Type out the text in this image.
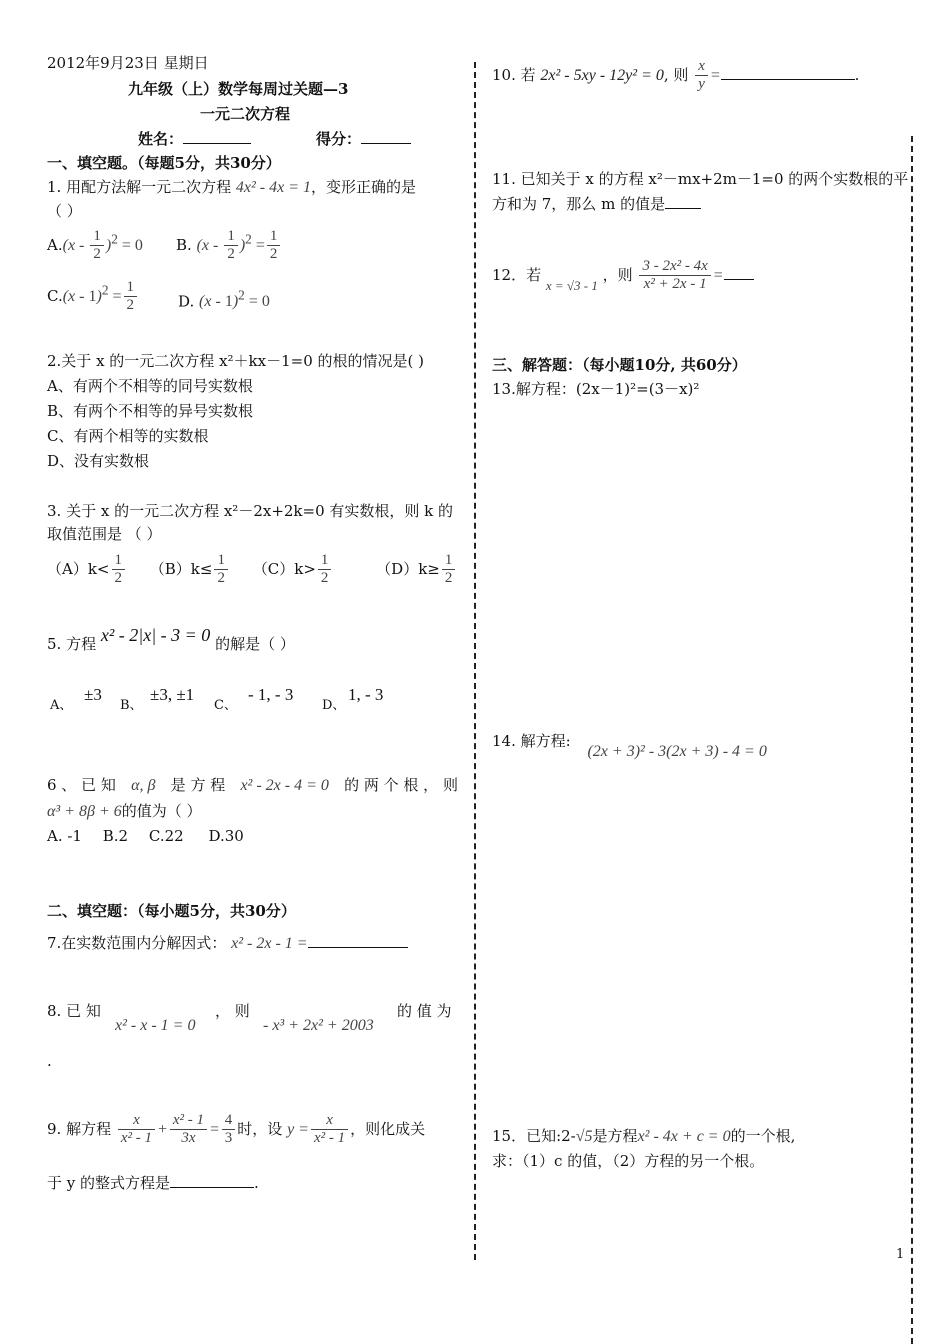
2012年9月23日 星期日
九年级（上）数学每周过关题—3
一元二次方程
姓名：	得分：
一、填空题。（每题5分，共30分）
1. 用配方法解一元二次方程 4x² - 4x = 1，变形正确的是
（ ）
$A.(x - \frac{1}{2} )^2 = 0$ B. $(x - \frac{1}{2} )^2 = \frac{1}{2}$
$C.(x - 1)^2 = \frac{1}{2}$	D. (x - 1)$^2$ = 0
2.关于 x 的一元二次方程 x²＋kx－1=0 的根的情况是( )
A、有两个不相等的同号实数根
B、有两个不相等的异号实数根
C、有两个相等的实数根
D、没有实数根
3. 关于 x 的一元二次方程 x²－2x+2k=0 有实数根，则 k 的
取值范围是 （ ）
$(A)k< \frac{1}{2} (B)k\le \frac{1}{2} (C)k> \frac{1}{2}$	$(D)k\ge \frac{1}{2}$
5. 方程 x² - 2|x| - 3 = 0 的解是（ ）
A、
±3
B、
±3, ±1
C、
- 1, - 3
D、
1, - 3
6 、 已 知 α, β 是 方 程 x² - 2x - 4 = 0 的 两 个 根 ， 则
α³ + 8β + 6的值为（ ）
A. -1 B.2 C.22 D.30
二、填空题：（每小题5分，共30分）
7.在实数范围内分解因式： x² - 2x - 1 =
8. 已 知
x² - x - 1 = 0
， 则
- x³ + 2x² + 2003
的 值 为
.
9. 解方程 $\frac{x}{\text{x² - 1}} + \frac{\text{x² - 1}}{3x} = \frac{4}{3}$ 时，设 $y = \frac{x}{\text{x² - 1}}$ ，则化成关
于 y 的整式方程是	.
10. 若 2x² - 5xy - 12y² = 0, 则 $\frac{x}{y}$ =	.
11. 已知关于 x 的方程 x²－mx+2m－1=0 的两个实数根的平
方和为 7，那么 m 的值是
12．若 x = √3 - 1 ，则 $\frac{\text{3 - 2x² - 4x}}{\text{x² + 2x - 1}}$ =
三、解答题：（每小题10分, 共60分）
13.解方程：(2x－1)²=(3－x)²
14. 解方程: (2x + 3)² - 3(2x + 3) - 4 = 0
15．已知:2-√5是方程x² - 4x + c = 0的一个根,
求：（1）c 的值，（2）方程的另一个根。
1
